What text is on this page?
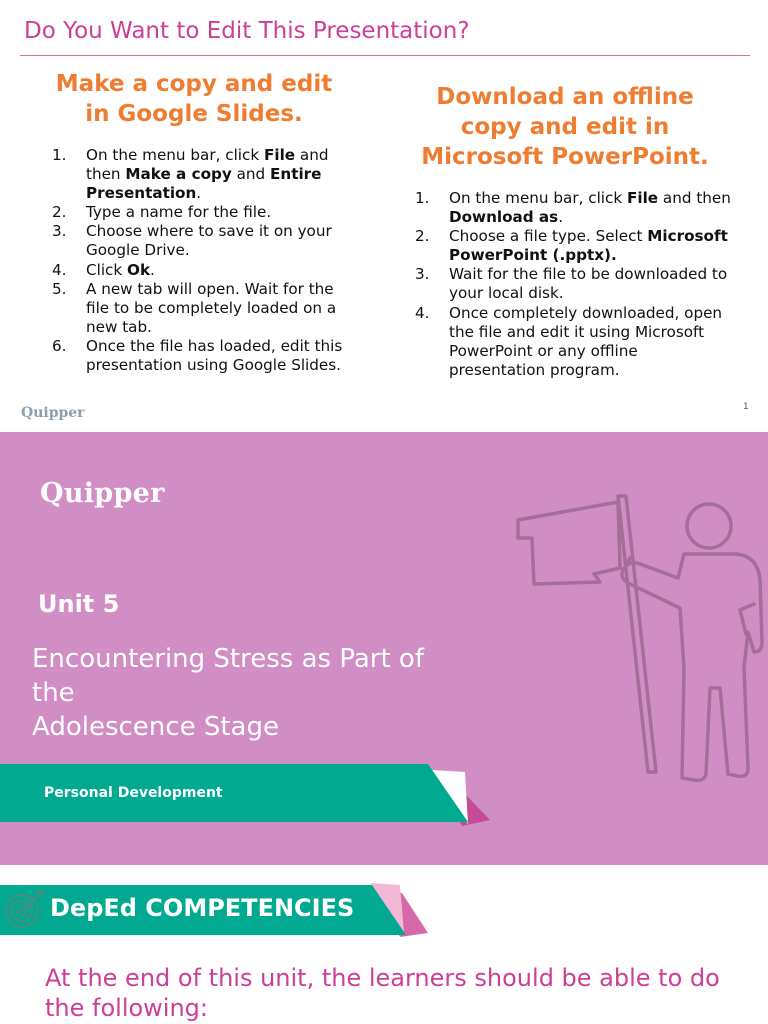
Do You Want to Edit This Presentation?
Make a copy and edit
in Google Slides.
1.	On the menu bar, click File and then Make a copy and Entire Presentation.
2.	Type a name for the file.
3.	Choose where to save it on your Google Drive.
4.	Click Ok.
5.	A new tab will open. Wait for the file to be completely loaded on a new tab.
6.	Once the file has loaded, edit this presentation using Google Slides.
Download an offline
copy and edit in
Microsoft PowerPoint.
1.	On the menu bar, click File and then Download as.
2.	Choose a file type. Select Microsoft PowerPoint (.pptx).
3.	Wait for the file to be downloaded to your local disk.
4.	Once completely downloaded, open the file and edit it using Microsoft PowerPoint or any offline presentation program.
Quipper	1
Quipper
Unit 5
Encountering Stress as Part of
the
Adolescence Stage
Personal Development
DepEd COMPETENCIES
At the end of this unit, the learners should be able to do the following:
